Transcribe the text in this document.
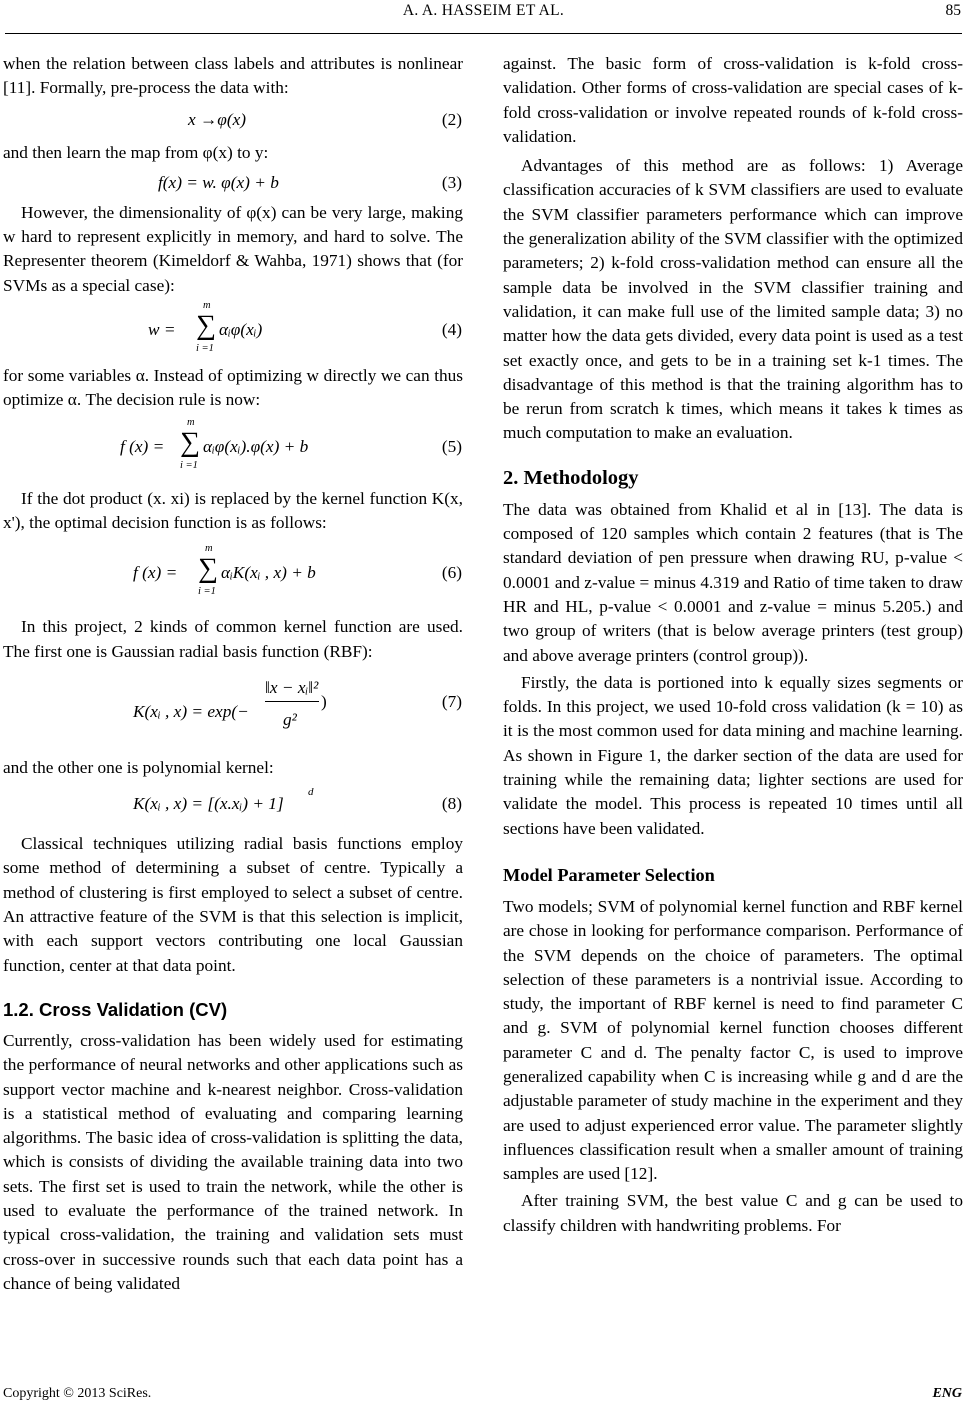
A. A. HASSEIM ET AL.	85

when the relation between class labels and attributes is nonlinear [11]. Formally, pre-process the data with:

x →φ(x)	(2)

and then learn the map from φ(x) to y:

f(x) = w. φ(x) + b	(3)

However, the dimensionality of φ(x) can be very large, making w hard to represent explicitly in memory, and hard to solve. The Representer theorem (Kimeldorf & Wahba, 1971) shows that (for SVMs as a special case):

w =
m
∑
i =1
αᵢφ(xᵢ)	(4)

for some variables α. Instead of optimizing w directly we can thus optimize α. The decision rule is now:

f (x) =
m
∑
i =1
αᵢφ(xᵢ).φ(x) + b	(5)

If the dot product (x. xi) is replaced by the kernel function K(x, x'), the optimal decision function is as follows:

f (x) =
m
∑
i =1
αᵢK(xᵢ , x) + b	(6)

In this project, 2 kinds of common kernel function are used. The first one is Gaussian radial basis function (RBF):

K(xᵢ , x) = exp(−
‖x − xᵢ‖²
g²
)	(7)

and the other one is polynomial kernel:

K(xᵢ , x) = [(x.xᵢ) + 1]
d
(8)

Classical techniques utilizing radial basis functions employ some method of determining a subset of centre. Typically a method of clustering is first employed to select a subset of centre. An attractive feature of the SVM is that this selection is implicit, with each support vectors contributing one local Gaussian function, center at that data point.

1.2. Cross Validation (CV)

Currently, cross-validation has been widely used for estimating the performance of neural networks and other applications such as support vector machine and k-nearest neighbor. Cross-validation is a statistical method of evaluating and comparing learning algorithms. The basic idea of cross-validation is splitting the data, which is consists of dividing the available training data into two sets. The first set is used to train the network, while the other is used to evaluate the performance of the trained network. In typical cross-validation, the training and validation sets must cross-over in successive rounds such that each data point has a chance of being validated

against. The basic form of cross-validation is k-fold cross-validation. Other forms of cross-validation are special cases of k-fold cross-validation or involve repeated rounds of k-fold cross-validation.

Advantages of this method are as follows: 1) Average classification accuracies of k SVM classifiers are used to evaluate the SVM classifier parameters performance which can improve the generalization ability of the SVM classifier with the optimized parameters; 2) k-fold cross-validation method can ensure all the sample data be involved in the SVM classifier training and validation, it can make full use of the limited sample data; 3) no matter how the data gets divided, every data point is used as a test set exactly once, and gets to be in a training set k-1 times. The disadvantage of this method is that the training algorithm has to be rerun from scratch k times, which means it takes k times as much computation to make an evaluation.

2. Methodology

The data was obtained from Khalid et al in [13]. The data is composed of 120 samples which contain 2 features (that is The standard deviation of pen pressure when drawing RU, p-value < 0.0001 and z-value = minus 4.319 and Ratio of time taken to draw HR and HL, p-value < 0.0001 and z-value = minus 5.205.) and two group of writers (that is below average printers (test group) and above average printers (control group)).

Firstly, the data is portioned into k equally sizes segments or folds. In this project, we used 10-fold cross validation (k = 10) as it is the most common used for data mining and machine learning. As shown in Figure 1, the darker section of the data are used for training while the remaining data; lighter sections are used for validate the model. This process is repeated 10 times until all sections have been validated.

Model Parameter Selection

Two models; SVM of polynomial kernel function and RBF kernel are chose in looking for performance comparison. Performance of the SVM depends on the choice of parameters. The optimal selection of these parameters is a nontrivial issue. According to study, the important of RBF kernel is need to find parameter C and g. SVM of polynomial kernel function chooses different parameter C and d. The penalty factor C, is used to improve generalized capability when C is increasing while g and d are the adjustable parameter of study machine in the experiment and they are used to adjust experienced error value. The parameter slightly influences classification result when a smaller amount of training samples are used [12].

After training SVM, the best value C and g can be used to classify children with handwriting problems. For

Copyright © 2013 SciRes.	ENG
